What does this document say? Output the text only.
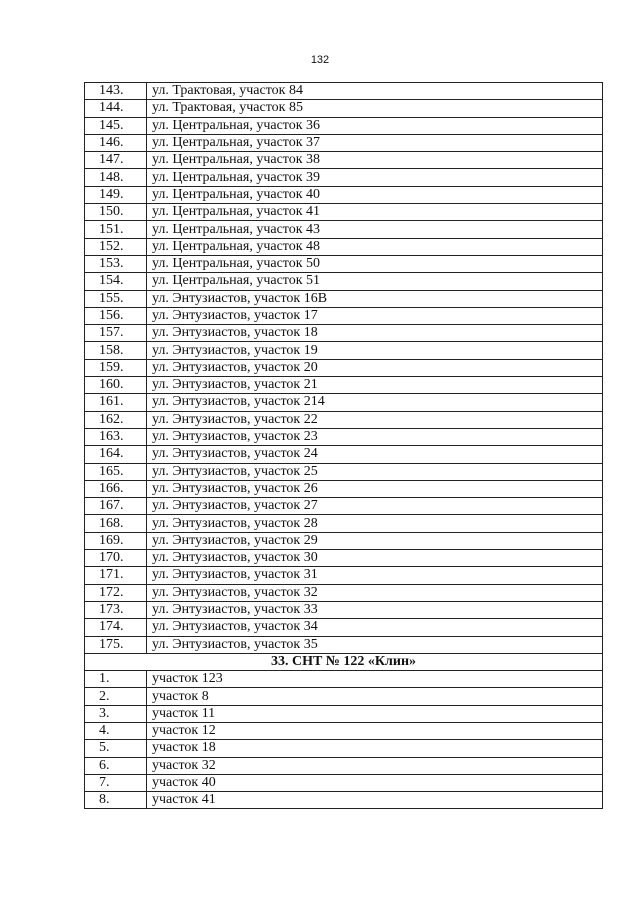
132
143.	ул. Трактовая, участок 84
144.	ул. Трактовая, участок 85
145.	ул. Центральная, участок 36
146.	ул. Центральная, участок 37
147.	ул. Центральная, участок 38
148.	ул. Центральная, участок 39
149.	ул. Центральная, участок 40
150.	ул. Центральная, участок 41
151.	ул. Центральная, участок 43
152.	ул. Центральная, участок 48
153.	ул. Центральная, участок 50
154.	ул. Центральная, участок 51
155.	ул. Энтузиастов, участок 16В
156.	ул. Энтузиастов, участок 17
157.	ул. Энтузиастов, участок 18
158.	ул. Энтузиастов, участок 19
159.	ул. Энтузиастов, участок 20
160.	ул. Энтузиастов, участок 21
161.	ул. Энтузиастов, участок 214
162.	ул. Энтузиастов, участок 22
163.	ул. Энтузиастов, участок 23
164.	ул. Энтузиастов, участок 24
165.	ул. Энтузиастов, участок 25
166.	ул. Энтузиастов, участок 26
167.	ул. Энтузиастов, участок 27
168.	ул. Энтузиастов, участок 28
169.	ул. Энтузиастов, участок 29
170.	ул. Энтузиастов, участок 30
171.	ул. Энтузиастов, участок 31
172.	ул. Энтузиастов, участок 32
173.	ул. Энтузиастов, участок 33
174.	ул. Энтузиастов, участок 34
175.	ул. Энтузиастов, участок 35
33. СНТ № 122 «Клин»	
1.	участок 123
2.	участок 8
3.	участок 11
4.	участок 12
5.	участок 18
6.	участок 32
7.	участок 40
8.	участок 41
